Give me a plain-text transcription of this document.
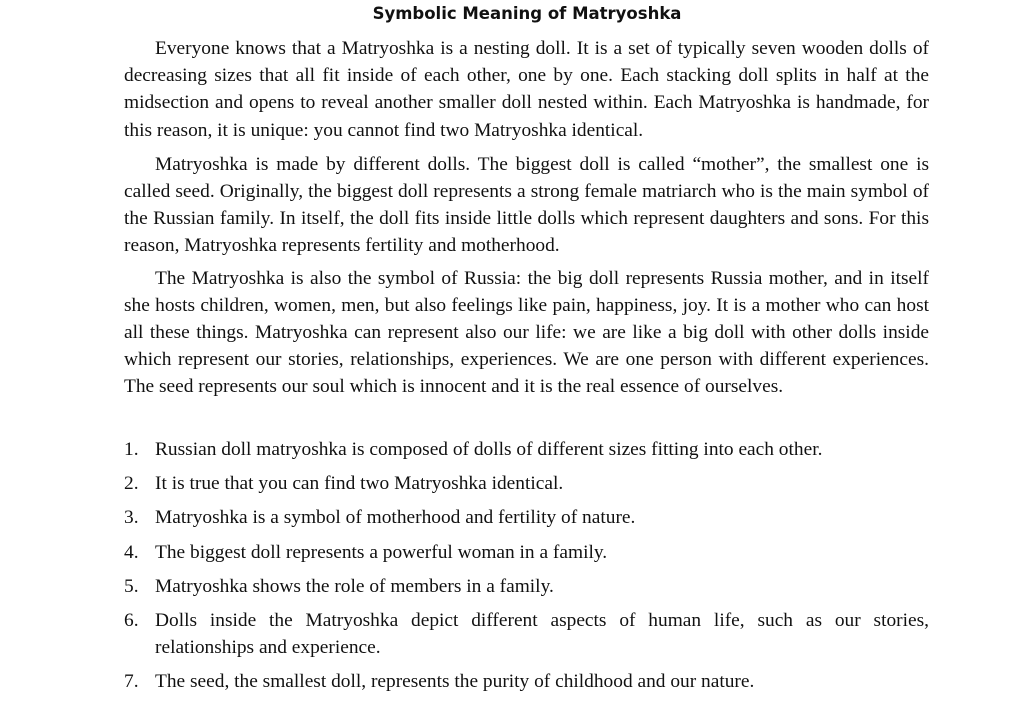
Symbolic Meaning of Matryoshka

Everyone knows that a Matryoshka is a nesting doll. It is a set of typically seven wooden dolls of decreasing sizes that all fit inside of each other, one by one. Each stacking doll splits in half at the midsection and opens to reveal another smaller doll nested within. Each Matryoshka is handmade, for this reason, it is unique: you cannot find two Matryoshka identical.

Matryoshka is made by different dolls. The biggest doll is called “mother”, the smallest one is called seed. Originally, the biggest doll represents a strong female matriarch who is the main symbol of the Russian family. In itself, the doll fits inside little dolls which represent daughters and sons. For this reason, Matryoshka represents fertility and motherhood.

The Matryoshka is also the symbol of Russia: the big doll represents Russia mother, and in itself she hosts children, women, men, but also feelings like pain, happiness, joy. It is a mother who can host all these things. Matryoshka can represent also our life: we are like a big doll with other dolls inside which represent our stories, relationships, experiences. We are one person with different experiences. The seed represents our soul which is innocent and it is the real essence of ourselves.

1. Russian doll matryoshka is composed of dolls of different sizes fitting into each other.
2. It is true that you can find two Matryoshka identical.
3. Matryoshka is a symbol of motherhood and fertility of nature.
4. The biggest doll represents a powerful woman in a family.
5. Matryoshka shows the role of members in a family.
6. Dolls inside the Matryoshka depict different aspects of human life, such as our stories, relationships and experience.
7. The seed, the smallest doll, represents the purity of childhood and our nature.
